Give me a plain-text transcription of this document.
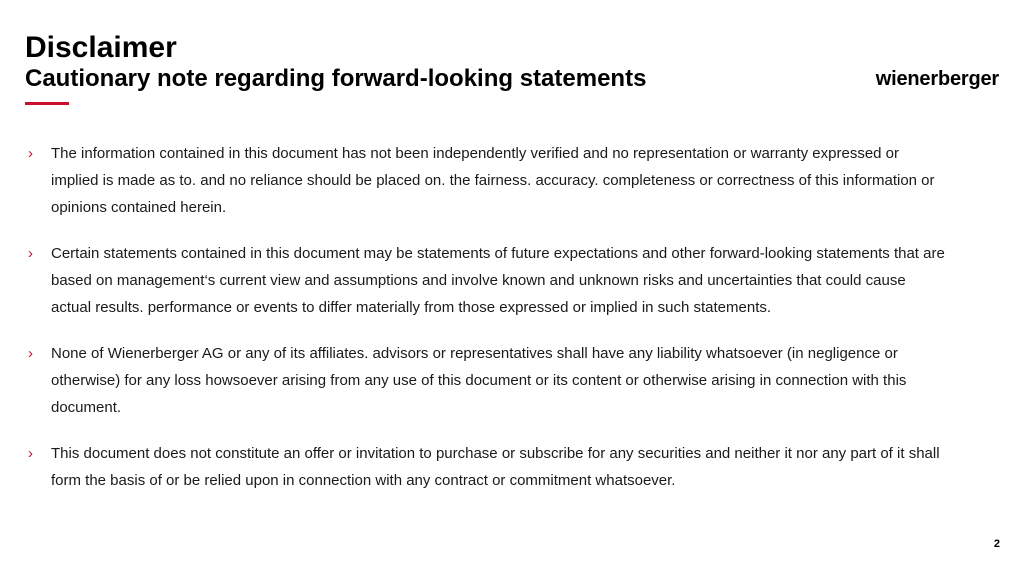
Disclaimer
Cautionary note regarding forward-looking statements	wienerberger
›	The information contained in this document has not been independently verified and no representation or warranty expressed or implied is made as to. and no reliance should be placed on. the fairness. accuracy. completeness or correctness of this information or opinions contained herein.
›	Certain statements contained in this document may be statements of future expectations and other forward-looking statements that are based on management‘s current view and assumptions and involve known and unknown risks and uncertainties that could cause actual results. performance or events to differ materially from those expressed or implied in such statements.
›	None of Wienerberger AG or any of its affiliates. advisors or representatives shall have any liability whatsoever (in negligence or otherwise) for any loss howsoever arising from any use of this document or its content or otherwise arising in connection with this document.
›	This document does not constitute an offer or invitation to purchase or subscribe for any securities and neither it nor any part of it shall form the basis of or be relied upon in connection with any contract or commitment whatsoever.
2
